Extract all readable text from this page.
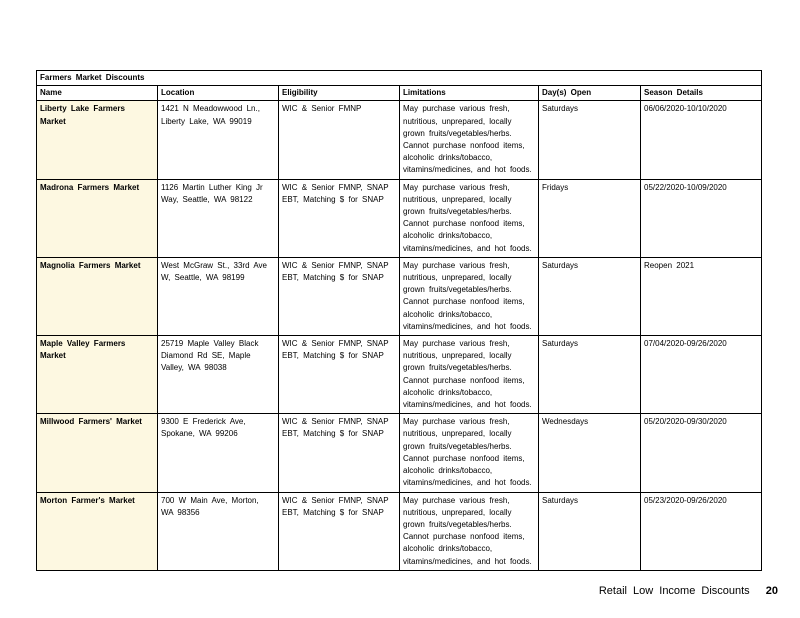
Farmers Market Discounts					
Name	Location	Eligibility	Limitations	Day(s) Open	Season Details
Liberty Lake Farmers Market	1421 N Meadowwood Ln., Liberty Lake, WA 99019	WIC & Senior FMNP	May purchase various fresh, nutritious, unprepared, locally grown fruits/vegetables/herbs. Cannot purchase nonfood items, alcoholic drinks/tobacco, vitamins/medicines, and hot foods.	Saturdays	06/06/2020-10/10/2020
Madrona Farmers Market	1126 Martin Luther King Jr Way, Seattle, WA 98122	WIC & Senior FMNP, SNAP EBT, Matching $ for SNAP	May purchase various fresh, nutritious, unprepared, locally grown fruits/vegetables/herbs. Cannot purchase nonfood items, alcoholic drinks/tobacco, vitamins/medicines, and hot foods.	Fridays	05/22/2020-10/09/2020
Magnolia Farmers Market	West McGraw St., 33rd Ave W, Seattle, WA 98199	WIC & Senior FMNP, SNAP EBT, Matching $ for SNAP	May purchase various fresh, nutritious, unprepared, locally grown fruits/vegetables/herbs. Cannot purchase nonfood items, alcoholic drinks/tobacco, vitamins/medicines, and hot foods.	Saturdays	Reopen 2021
Maple Valley Farmers Market	25719 Maple Valley Black Diamond Rd SE, Maple Valley, WA 98038	WIC & Senior FMNP, SNAP EBT, Matching $ for SNAP	May purchase various fresh, nutritious, unprepared, locally grown fruits/vegetables/herbs. Cannot purchase nonfood items, alcoholic drinks/tobacco, vitamins/medicines, and hot foods.	Saturdays	07/04/2020-09/26/2020
Millwood Farmers' Market	9300 E Frederick Ave, Spokane, WA 99206	WIC & Senior FMNP, SNAP EBT, Matching $ for SNAP	May purchase various fresh, nutritious, unprepared, locally grown fruits/vegetables/herbs. Cannot purchase nonfood items, alcoholic drinks/tobacco, vitamins/medicines, and hot foods.	Wednesdays	05/20/2020-09/30/2020
Morton Farmer's Market	700 W Main Ave, Morton, WA 98356	WIC & Senior FMNP, SNAP EBT, Matching $ for SNAP	May purchase various fresh, nutritious, unprepared, locally grown fruits/vegetables/herbs. Cannot purchase nonfood items, alcoholic drinks/tobacco, vitamins/medicines, and hot foods.	Saturdays	05/23/2020-09/26/2020
Retail Low Income Discounts 20
